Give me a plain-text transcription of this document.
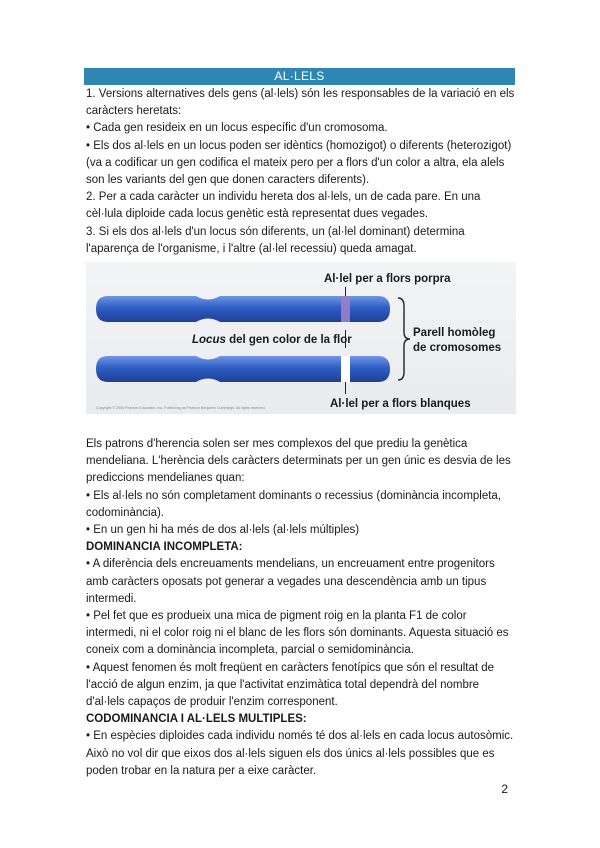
AL·LELS

1. Versions alternatives dels gens (al·lels) són les responsables de la variació en els caràcters heretats:

• Cada gen resideix en un locus específic d'un cromosoma.

• Els dos al·lels en un locus poden ser idèntics (homozigot) o diferents (heterozigot) (va a codificar un gen codifica el mateix pero per a flors d'un color a altra, ela alels son les variants del gen que donen caracters diferents).

2. Per a cada caràcter un individu hereta dos al·lels, un de cada pare. En una cèl·lula diploide cada locus genètic està representat dues vegades.

3. Si els dos al·lels d'un locus són diferents, un (al·lel dominant) determina l'aparença de l'organisme, i l'altre (al·lel recessiu) queda amagat.

Al·lel per a flors porpra
Locus del gen color de la flor
Parell homòleg
de cromosomes
Al·lel per a flors blanques
Copyright © 2005 Pearson Education, Inc. Publishing as Pearson Benjamin Cummings. All rights reserved.

Els patrons d'herencia solen ser mes complexos del que prediu la genètica mendeliana. L'herència dels caràcters determinats per un gen únic es desvia de les prediccions mendelianes quan:

• Els al·lels no són completament dominants o recessius (dominància incompleta, codominància).

• En un gen hi ha més de dos al·lels (al·lels múltiples)

DOMINANCIA INCOMPLETA:

• A diferència dels encreuaments mendelians, un encreuament entre progenitors amb caràcters oposats pot generar a vegades una descendència amb un tipus intermedi.

• Pel fet que es produeix una mica de pigment roig en la planta F1 de color intermedi, ni el color roig ni el blanc de les flors són dominants. Aquesta situació es coneix com a dominància incompleta, parcial o semidominància.

• Aquest fenomen és molt freqüent en caràcters fenotípics que són el resultat de l'acció de algun enzim, ja que l'activitat enzimàtica total dependrà del nombre d'al·lels capaços de produir l'enzim corresponent.

CODOMINANCIA I AL·LELS MULTIPLES:

• En espècies diploides cada individu només té dos al·lels en cada locus autosòmic. Això no vol dir que eixos dos al·lels siguen els dos únics al·lels possibles que es poden trobar en la natura per a eixe caràcter.

2
